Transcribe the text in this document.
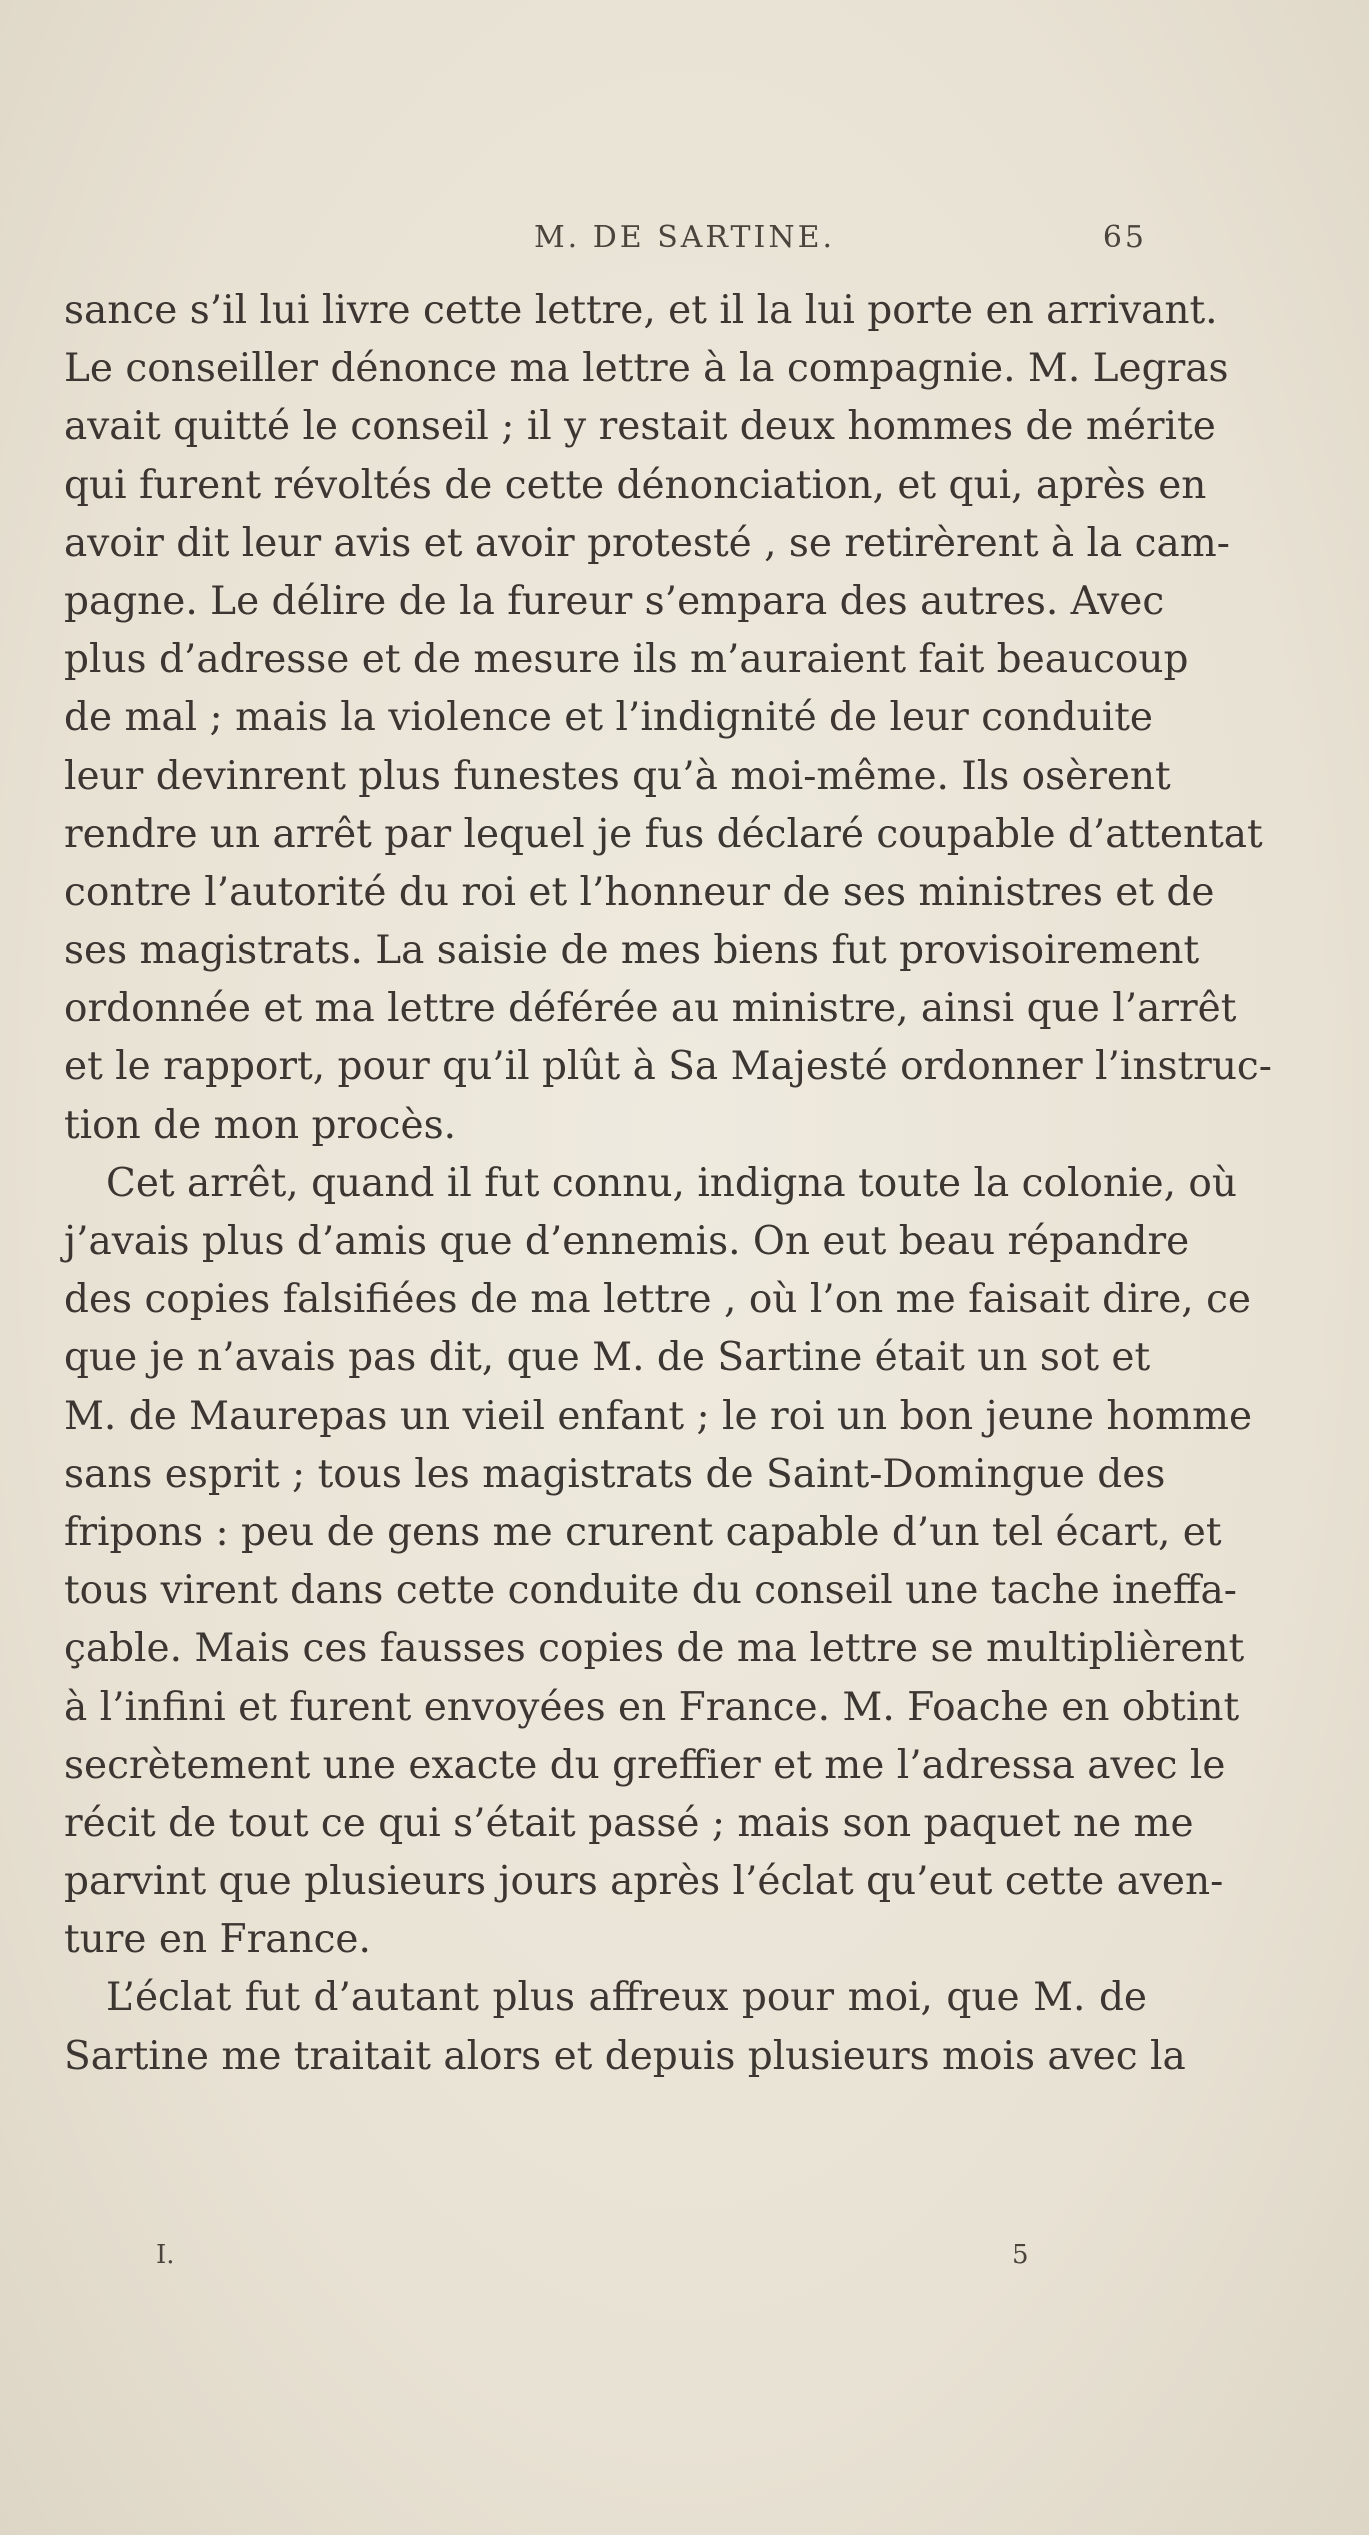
M. DE SARTINE.	65
sance s’il lui livre cette lettre, et il la lui porte en arrivant.
Le conseiller dénonce ma lettre à la compagnie. M. Legras
avait quitté le conseil ; il y restait deux hommes de mérite
qui furent révoltés de cette dénonciation, et qui, après en
avoir dit leur avis et avoir protesté , se retirèrent à la cam-
pagne. Le délire de la fureur s’empara des autres. Avec
plus d’adresse et de mesure ils m’auraient fait beaucoup
de mal ; mais la violence et l’indignité de leur conduite
leur devinrent plus funestes qu’à moi-même. Ils osèrent
rendre un arrêt par lequel je fus déclaré coupable d’attentat
contre l’autorité du roi et l’honneur de ses ministres et de
ses magistrats. La saisie de mes biens fut provisoirement
ordonnée et ma lettre déférée au ministre, ainsi que l’arrêt
et le rapport, pour qu’il plût à Sa Majesté ordonner l’instruc-
tion de mon procès.
Cet arrêt, quand il fut connu, indigna toute la colonie, où
j’avais plus d’amis que d’ennemis. On eut beau répandre
des copies falsifiées de ma lettre , où l’on me faisait dire, ce
que je n’avais pas dit, que M. de Sartine était un sot et
M. de Maurepas un vieil enfant ; le roi un bon jeune homme
sans esprit ; tous les magistrats de Saint-Domingue des
fripons : peu de gens me crurent capable d’un tel écart, et
tous virent dans cette conduite du conseil une tache ineffa-
çable. Mais ces fausses copies de ma lettre se multiplièrent
à l’infini et furent envoyées en France. M. Foache en obtint
secrètement une exacte du greffier et me l’adressa avec le
récit de tout ce qui s’était passé ; mais son paquet ne me
parvint que plusieurs jours après l’éclat qu’eut cette aven-
ture en France.
L’éclat fut d’autant plus affreux pour moi, que M. de
Sartine me traitait alors et depuis plusieurs mois avec la
I.	5
